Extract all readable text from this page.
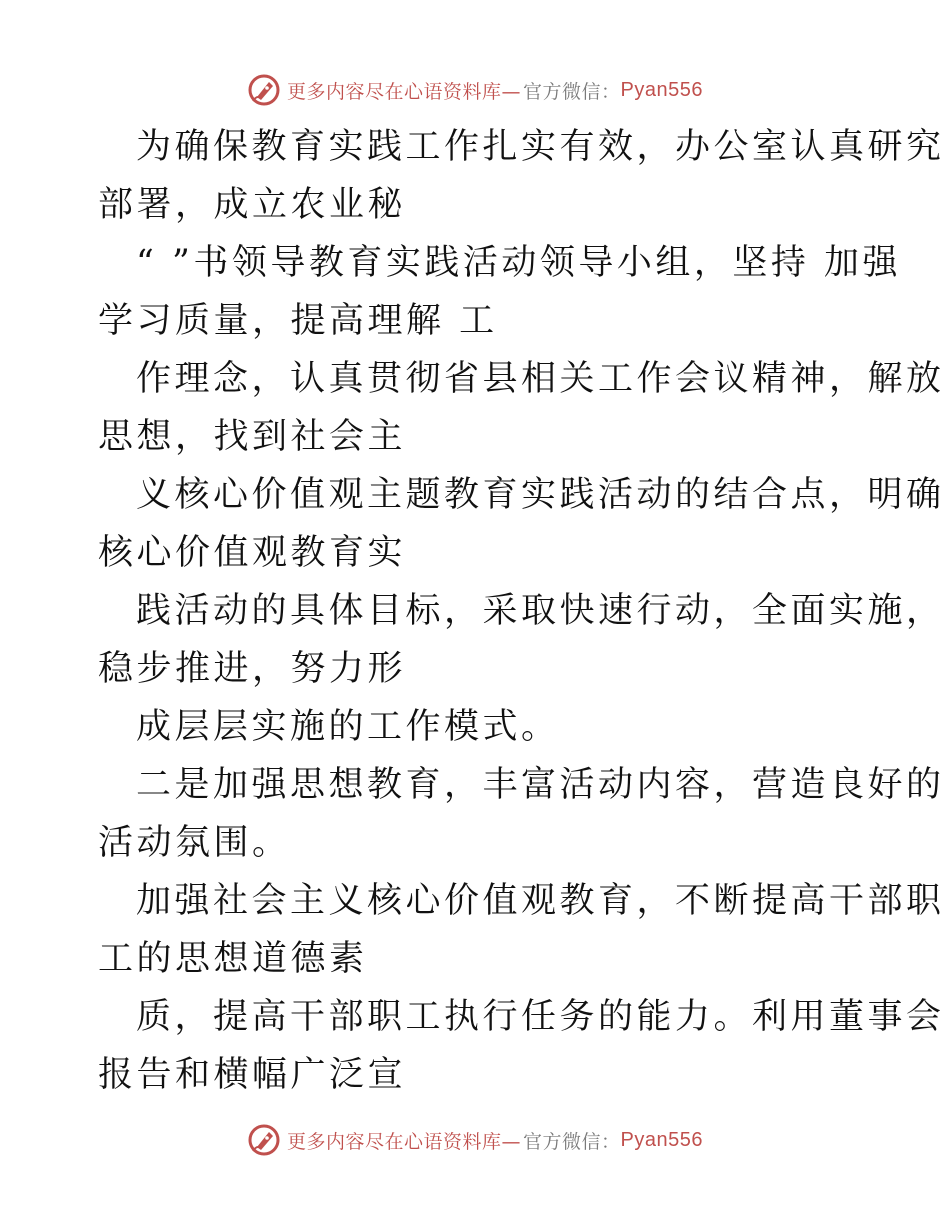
更多内容尽在心语资料库— 官方微信： Pyan556

为确保教育实践工作扎实有效，办公室认真研究
部署，成立农业秘

“ ”书领导教育实践活动领导小组，坚持 加强
学习质量，提高理解 工

作理念，认真贯彻省县相关工作会议精神，解放
思想，找到社会主

义核心价值观主题教育实践活动的结合点，明确
核心价值观教育实

践活动的具体目标，采取快速行动，全面实施，
稳步推进，努力形

成层层实施的工作模式。

二是加强思想教育，丰富活动内容，营造良好的
活动氛围。

加强社会主义核心价值观教育，不断提高干部职
工的思想道德素

质，提高干部职工执行任务的能力。利用董事会
报告和横幅广泛宣

更多内容尽在心语资料库— 官方微信： Pyan556
